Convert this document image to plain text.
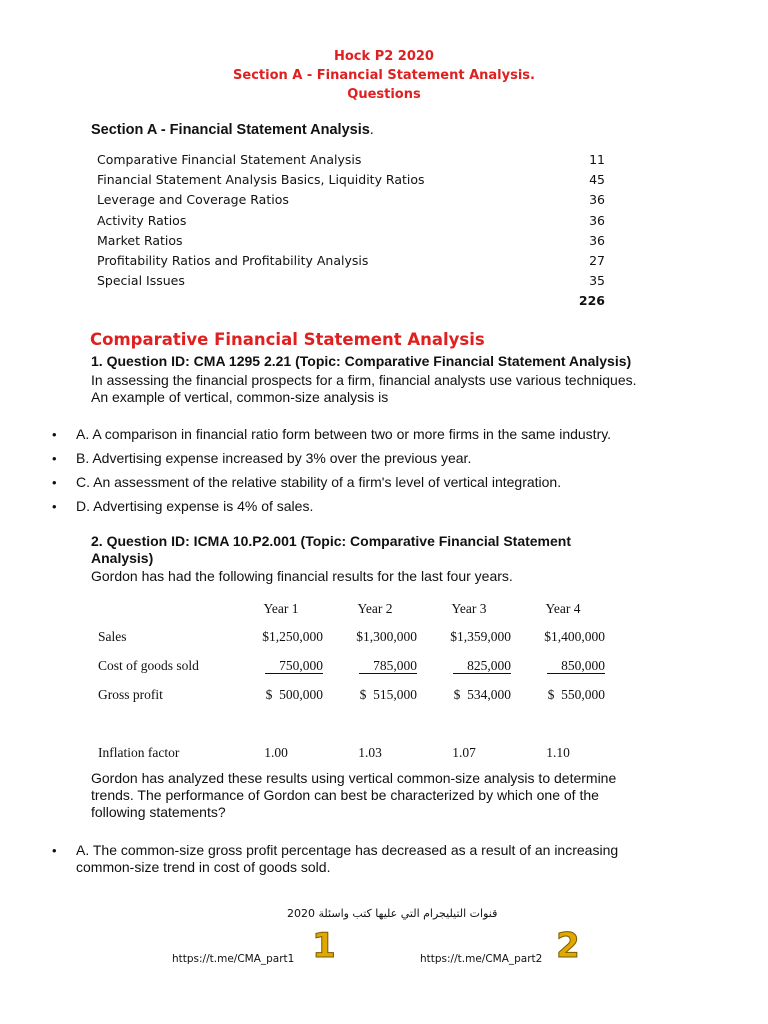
Hock P2 2020
Section A - Financial Statement Analysis.
Questions
Section A - Financial Statement Analysis.
Comparative Financial Statement Analysis	11
Financial Statement Analysis Basics, Liquidity Ratios	45
Leverage and Coverage Ratios	36
Activity Ratios	36
Market Ratios	36
Profitability Ratios and Profitability Analysis	27
Special Issues	35
226
Comparative Financial Statement Analysis
1. Question ID: CMA 1295 2.21 (Topic: Comparative Financial Statement Analysis)
In assessing the financial prospects for a firm, financial analysts use various techniques.
An example of vertical, common-size analysis is
•	A. A comparison in financial ratio form between two or more firms in the same industry.
•	B. Advertising expense increased by 3% over the previous year.
•	C. An assessment of the relative stability of a firm's level of vertical integration.
•	D. Advertising expense is 4% of sales.
2. Question ID: ICMA 10.P2.001 (Topic: Comparative Financial Statement
Analysis)
Gordon has had the following financial results for the last four years.
	Year 1	Year 2	Year 3	Year 4
Sales	$1,250,000	$1,300,000	$1,359,000	$1,400,000
Cost of goods sold	750,000	785,000	825,000	850,000
Gross profit	$ 500,000	$ 515,000	$ 534,000	$ 550,000

Inflation factor	1.00	1.03	1.07	1.10
Gordon has analyzed these results using vertical common-size analysis to determine
trends. The performance of Gordon can best be characterized by which one of the
following statements?
•	A. The common-size gross profit percentage has decreased as a result of an increasing
common-size trend in cost of goods sold.
قنوات التيليجرام التي عليها كتب واسئلة 2020
https://t.me/CMA_part1	https://t.me/CMA_part2
1	2
